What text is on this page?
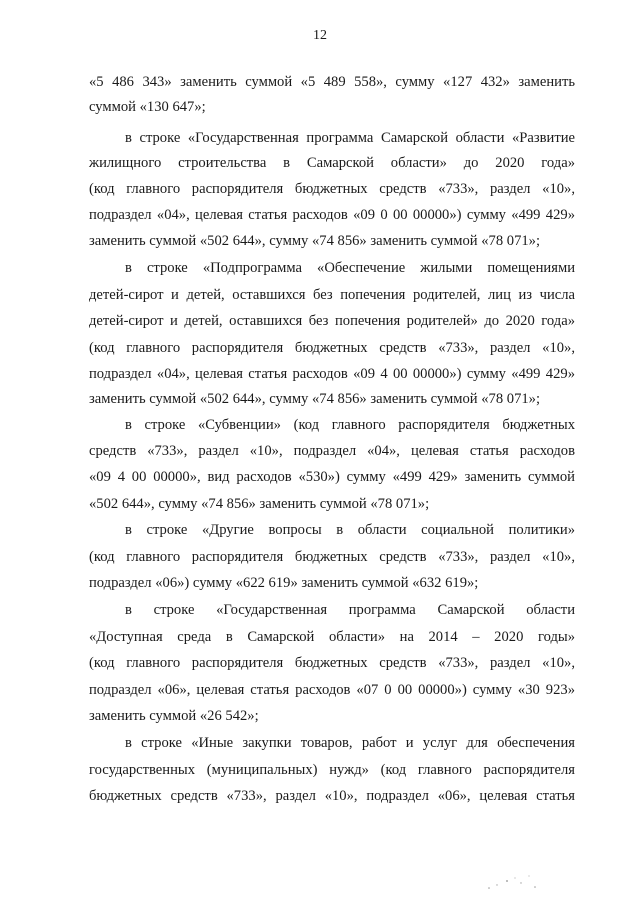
12
«5 486 343» заменить суммой «5 489 558», сумму «127 432» заменить
суммой «130 647»;
в строке «Государственная программа Самарской области «Развитие
жилищного строительства в Самарской области» до 2020 года»
(код главного распорядителя бюджетных средств «733», раздел «10»,
подраздел «04», целевая статья расходов «09 0 00 00000») сумму «499 429»
заменить суммой «502 644», сумму «74 856» заменить суммой «78 071»;
в строке «Подпрограмма «Обеспечение жилыми помещениями
детей-сирот и детей, оставшихся без попечения родителей, лиц из числа
детей-сирот и детей, оставшихся без попечения родителей» до 2020 года»
(код главного распорядителя бюджетных средств «733», раздел «10»,
подраздел «04», целевая статья расходов «09 4 00 00000») сумму «499 429»
заменить суммой «502 644», сумму «74 856» заменить суммой «78 071»;
в строке «Субвенции» (код главного распорядителя бюджетных
средств «733», раздел «10», подраздел «04», целевая статья расходов
«09 4 00 00000», вид расходов «530») сумму «499 429» заменить суммой
«502 644», сумму «74 856» заменить суммой «78 071»;
в строке «Другие вопросы в области социальной политики»
(код главного распорядителя бюджетных средств «733», раздел «10»,
подраздел «06») сумму «622 619» заменить суммой «632 619»;
в строке «Государственная программа Самарской области
«Доступная среда в Самарской области» на 2014 – 2020 годы»
(код главного распорядителя бюджетных средств «733», раздел «10»,
подраздел «06», целевая статья расходов «07 0 00 00000») сумму «30 923»
заменить суммой «26 542»;
в строке «Иные закупки товаров, работ и услуг для обеспечения
государственных (муниципальных) нужд» (код главного распорядителя
бюджетных средств «733», раздел «10», подраздел «06», целевая статья
